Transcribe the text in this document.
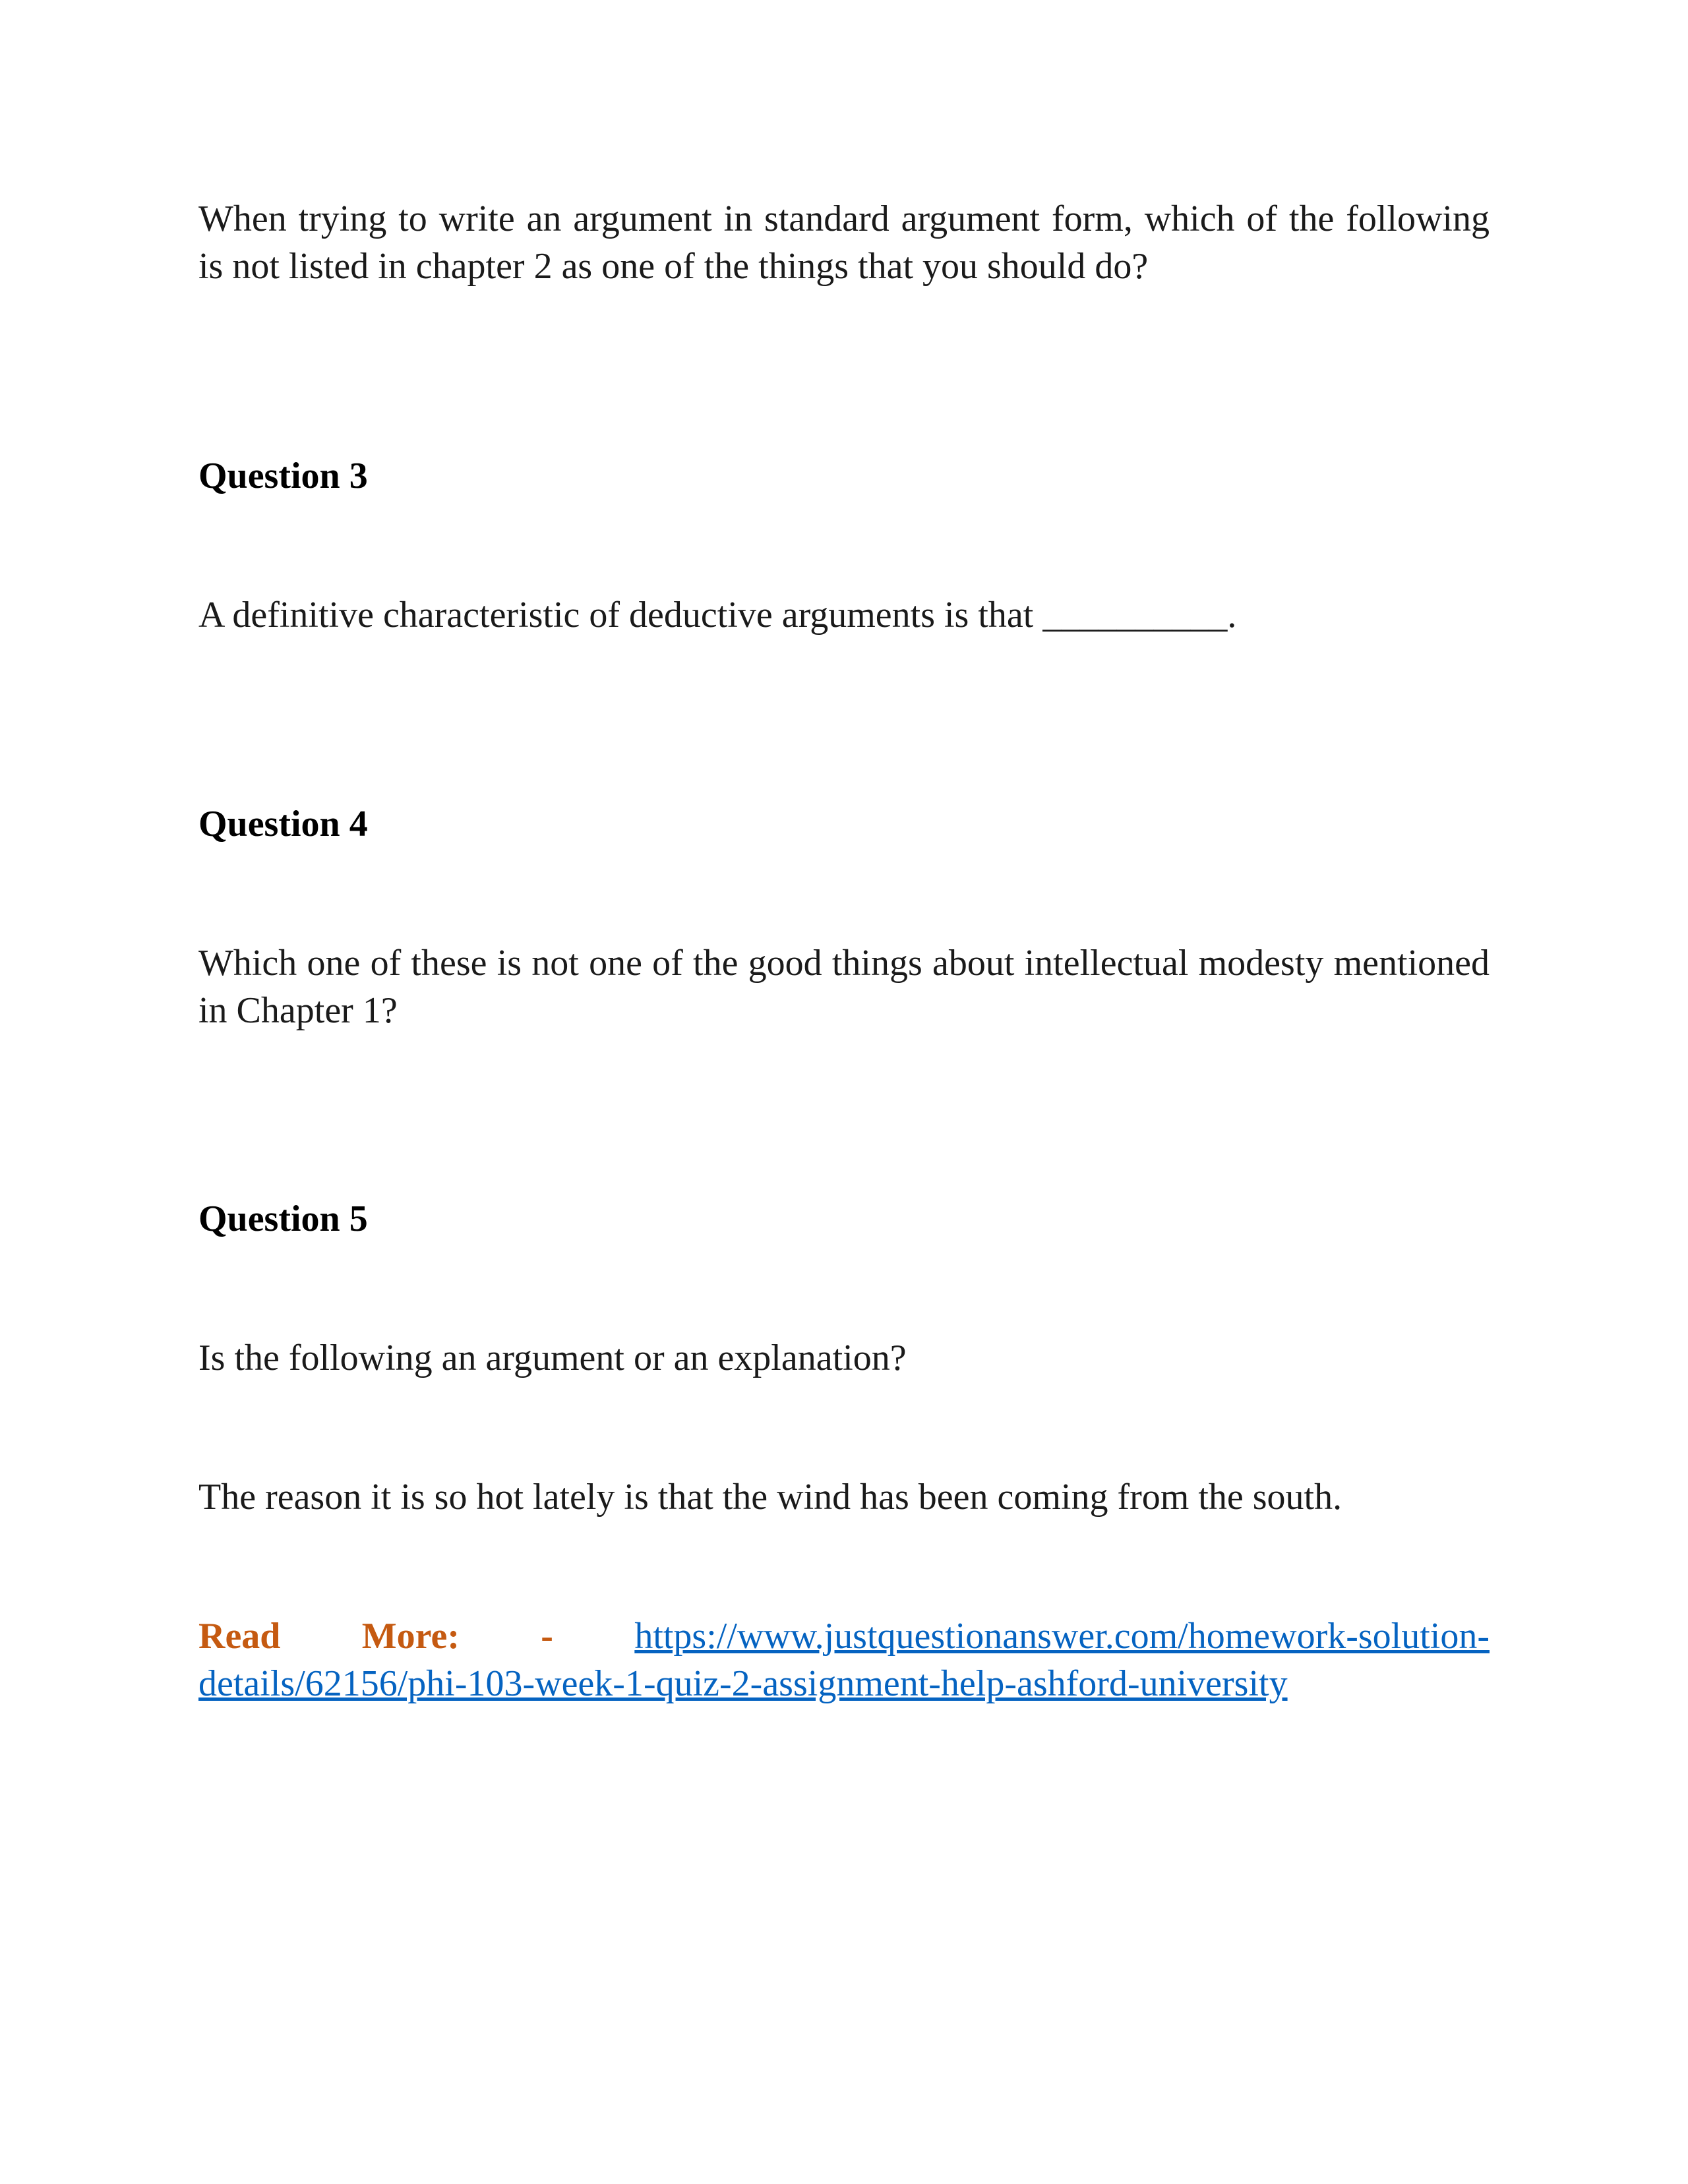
When trying to write an argument in standard argument form, which of the following is not listed in chapter 2 as one of the things that you should do?

Question 3

A definitive characteristic of deductive arguments is that __________.

Question 4

Which one of these is not one of the good things about intellectual modesty mentioned in Chapter 1?

Question 5

Is the following an argument or an explanation?

The reason it is so hot lately is that the wind has been coming from the south.

Read More: - https://www.justquestionanswer.com/homework-solution-details/62156/phi-103-week-1-quiz-2-assignment-help-ashford-university
